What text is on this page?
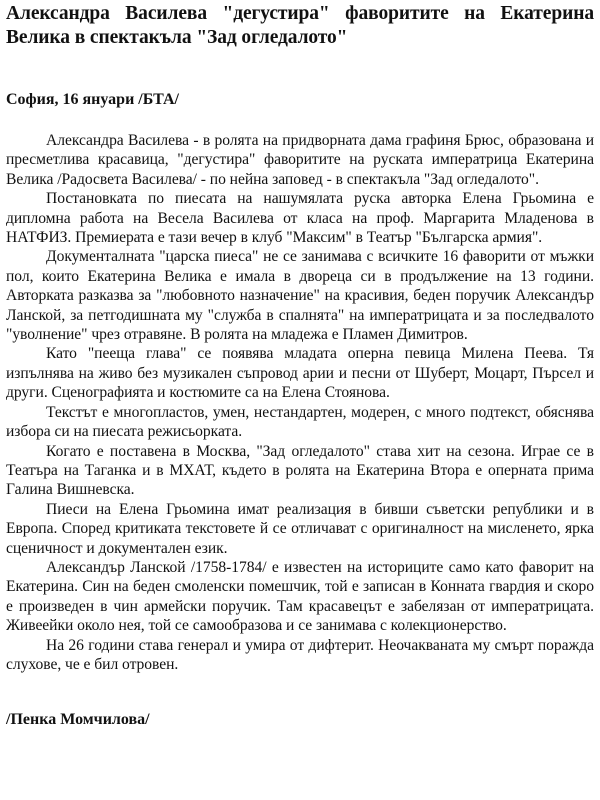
Александра Василева "дегустира" фаворитите на Екатерина Велика в спектакъла "Зад огледалото"
София, 16 януари /БТА/

Александра Василева - в ролята на придворната дама графиня Брюс, образована и пресметлива красавица, "дегустира" фаворитите на руската императрица Екатерина Велика /Радосвета Василева/ - по нейна заповед - в спектакъла "Зад огледалото".

Постановката по пиесата на нашумялата руска авторка Елена Грьомина е дипломна работа на Весела Василева от класа на проф. Маргарита Младенова в НАТФИЗ. Премиерата е тази вечер в клуб "Максим" в Театър "Българска армия".

Документалната "царска пиеса" не се занимава с всичките 16 фаворити от мъжки пол, които Екатерина Велика е имала в двореца си в продължение на 13 години. Авторката разказва за "любовното назначение" на красивия, беден поручик Александър Ланской, за петгодишната му "служба в спалнята" на императрицата и за последвалото "уволнение" чрез отравяне. В ролята на младежа е Пламен Димитров.

Като "пееща глава" се появява младата оперна певица Милена Пеева. Тя изпълнява на живо без музикален съпровод арии и песни от Шуберт, Моцарт, Пърсел и други. Сценографията и костюмите са на Елена Стоянова.

Текстът е многопластов, умен, нестандартен, модерен, с много подтекст, обяснява избора си на пиесата режисьорката.

Когато е поставена в Москва, "Зад огледалото" става хит на сезона. Играе се в Театъра на Таганка и в МХАТ, където в ролята на Екатерина Втора е оперната прима Галина Вишневска.

Пиеси на Елена Грьомина имат реализация в бивши съветски републики и в Европа. Според критиката текстовете й се отличават с оригиналност на мисленето, ярка сценичност и документален език.

Александър Ланской /1758-1784/ е известен на историците само като фаворит на Екатерина. Син на беден смоленски помешчик, той е записан в Конната гвардия и скоро е произведен в чин армейски поручик. Там красавецът е забелязан от императрицата. Живеейки около нея, той се самообразова и се занимава с колекционерство.

На 26 години става генерал и умира от дифтерит. Неочакваната му смърт поражда слухове, че е бил отровен.

/Пенка Момчилова/
